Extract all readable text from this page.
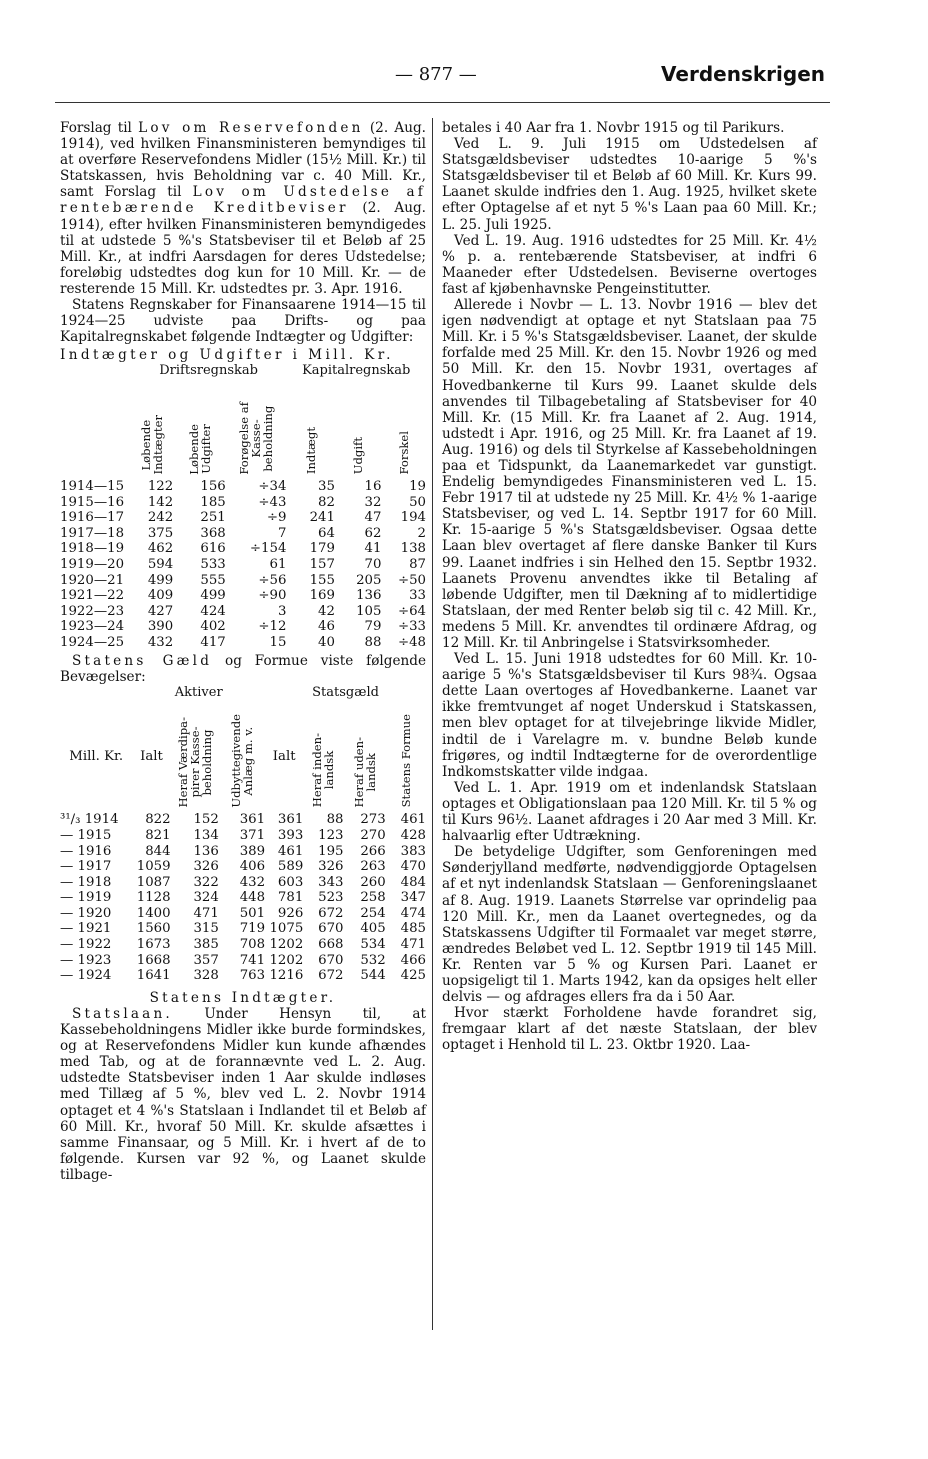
— 877 —	Verdenskrigen

Forslag til Lov om Reservefonden (2. Aug. 1914), ved hvilken Finansministeren bemyndiges til at overføre Reservefondens Midler (15½ Mill. Kr.) til Statskassen, hvis Beholdning var c. 40 Mill. Kr., samt Forslag til Lov om Udstedelse af rentebærende Kreditbeviser (2. Aug. 1914), efter hvilken Finansministeren bemyndigedes til at udstede 5 %'s Statsbeviser til et Beløb af 25 Mill. Kr., at indfri Aarsdagen for deres Udstedelse; foreløbig udstedtes dog kun for 10 Mill. Kr. — de resterende 15 Mill. Kr. udstedtes pr. 3. Apr. 1916.

Statens Regnskaber for Finansaarene 1914—15 til 1924—25 udviste paa Drifts- og paa Kapitalregnskabet følgende Indtægter og Udgifter:

Indtægter og Udgifter i Mill. Kr.
	Driftsregnskab			Kapitalregnskab		
	Løbende
Indtægter	Løbende
Udgifter	Forøgelse af
Kasse-
beholdning	Indtægt	Udgift	Forskel
1914—15	122	156	÷34	35	16	19
1915—16	142	185	÷43	82	32	50
1916—17	242	251	÷9	241	47	194
1917—18	375	368	7	64	62	2
1918—19	462	616	÷154	179	41	138
1919—20	594	533	61	157	70	87
1920—21	499	555	÷56	155	205	÷50
1921—22	409	499	÷90	169	136	33
1922—23	427	424	3	42	105	÷64
1923—24	390	402	÷12	46	79	÷33
1924—25	432	417	15	40	88	÷48

Statens Gæld og Formue viste følgende Bevægelser:

	Aktiver			Statsgæld			
Mill. Kr.	Ialt	Heraf Værdipa-
pirer Kasse-
beholdning	Udbyttegivende
Anlæg m. v.	Ialt	Heraf inden-
landsk	Heraf uden-
landsk	Statens Formue
³¹/₃ 1914	822	152	361	361	88	273	461
— 1915	821	134	371	393	123	270	428
— 1916	844	136	389	461	195	266	383
— 1917	1059	326	406	589	326	263	470
— 1918	1087	322	432	603	343	260	484
— 1919	1128	324	448	781	523	258	347
— 1920	1400	471	501	926	672	254	474
— 1921	1560	315	719	1075	670	405	485
— 1922	1673	385	708	1202	668	534	471
— 1923	1668	357	741	1202	670	532	466
— 1924	1641	328	763	1216	672	544	425
Statens Indtægter.

Statslaan. Under Hensyn til, at Kassebeholdningens Midler ikke burde formindskes, og at Reservefondens Midler kun kunde afhændes med Tab, og at de forannævnte ved L. 2. Aug. udstedte Statsbeviser inden 1 Aar skulde indløses med Tillæg af 5 %, blev ved L. 2. Novbr 1914 optaget et 4 %'s Statslaan i Indlandet til et Beløb af 60 Mill. Kr., hvoraf 50 Mill. Kr. skulde afsættes i samme Finansaar, og 5 Mill. Kr. i hvert af de to følgende. Kursen var 92 %, og Laanet skulde tilbage-

betales i 40 Aar fra 1. Novbr 1915 og til Parikurs.

Ved L. 9. Juli 1915 om Udstedelsen af Statsgældsbeviser udstedtes 10-aarige 5 %'s Statsgældsbeviser til et Beløb af 60 Mill. Kr. Kurs 99. Laanet skulde indfries den 1. Aug. 1925, hvilket skete efter Optagelse af et nyt 5 %'s Laan paa 60 Mill. Kr.; L. 25. Juli 1925.

Ved L. 19. Aug. 1916 udstedtes for 25 Mill. Kr. 4½ % p. a. rentebærende Statsbeviser, at indfri 6 Maaneder efter Udstedelsen. Beviserne overtoges fast af kjøbenhavnske Pengeinstitutter.

Allerede i Novbr — L. 13. Novbr 1916 — blev det igen nødvendigt at optage et nyt Statslaan paa 75 Mill. Kr. i 5 %'s Statsgældsbeviser. Laanet, der skulde forfalde med 25 Mill. Kr. den 15. Novbr 1926 og med 50 Mill. Kr. den 15. Novbr 1931, overtages af Hovedbankerne til Kurs 99. Laanet skulde dels anvendes til Tilbagebetaling af Statsbeviser for 40 Mill. Kr. (15 Mill. Kr. fra Laanet af 2. Aug. 1914, udstedt i Apr. 1916, og 25 Mill. Kr. fra Laanet af 19. Aug. 1916) og dels til Styrkelse af Kassebeholdningen paa et Tidspunkt, da Laanemarkedet var gunstigt. Endelig bemyndigedes Finansministeren ved L. 15. Febr 1917 til at udstede ny 25 Mill. Kr. 4½ % 1-aarige Statsbeviser, og ved L. 14. Septbr 1917 for 60 Mill. Kr. 15-aarige 5 %'s Statsgældsbeviser. Ogsaa dette Laan blev overtaget af flere danske Banker til Kurs 99. Laanet indfries i sin Helhed den 15. Septbr 1932. Laanets Provenu anvendtes ikke til Betaling af løbende Udgifter, men til Dækning af to midlertidige Statslaan, der med Renter beløb sig til c. 42 Mill. Kr., medens 5 Mill. Kr. anvendtes til ordinære Afdrag, og 12 Mill. Kr. til Anbringelse i Statsvirksomheder.

Ved L. 15. Juni 1918 udstedtes for 60 Mill. Kr. 10-aarige 5 %'s Statsgældsbeviser til Kurs 98¾. Ogsaa dette Laan overtoges af Hovedbankerne. Laanet var ikke fremtvunget af noget Underskud i Statskassen, men blev optaget for at tilvejebringe likvide Midler, indtil de i Varelagre m. v. bundne Beløb kunde frigøres, og indtil Indtægterne for de overordentlige Indkomstskatter vilde indgaa.

Ved L. 1. Apr. 1919 om et indenlandsk Statslaan optages et Obligationslaan paa 120 Mill. Kr. til 5 % og til Kurs 96½. Laanet afdrages i 20 Aar med 3 Mill. Kr. halvaarlig efter Udtrækning.

De betydelige Udgifter, som Genforeningen med Sønderjylland medførte, nødvendiggjorde Optagelsen af et nyt indenlandsk Statslaan — Genforeningslaanet af 8. Aug. 1919. Laanets Størrelse var oprindelig paa 120 Mill. Kr., men da Laanet overtegnedes, og da Statskassens Udgifter til Formaalet var meget større, ændredes Beløbet ved L. 12. Septbr 1919 til 145 Mill. Kr. Renten var 5 % og Kursen Pari. Laanet er uopsigeligt til 1. Marts 1942, kan da opsiges helt eller delvis — og afdrages ellers fra da i 50 Aar.

Hvor stærkt Forholdene havde forandret sig, fremgaar klart af det næste Statslaan, der blev optaget i Henhold til L. 23. Oktbr 1920. Laa-
